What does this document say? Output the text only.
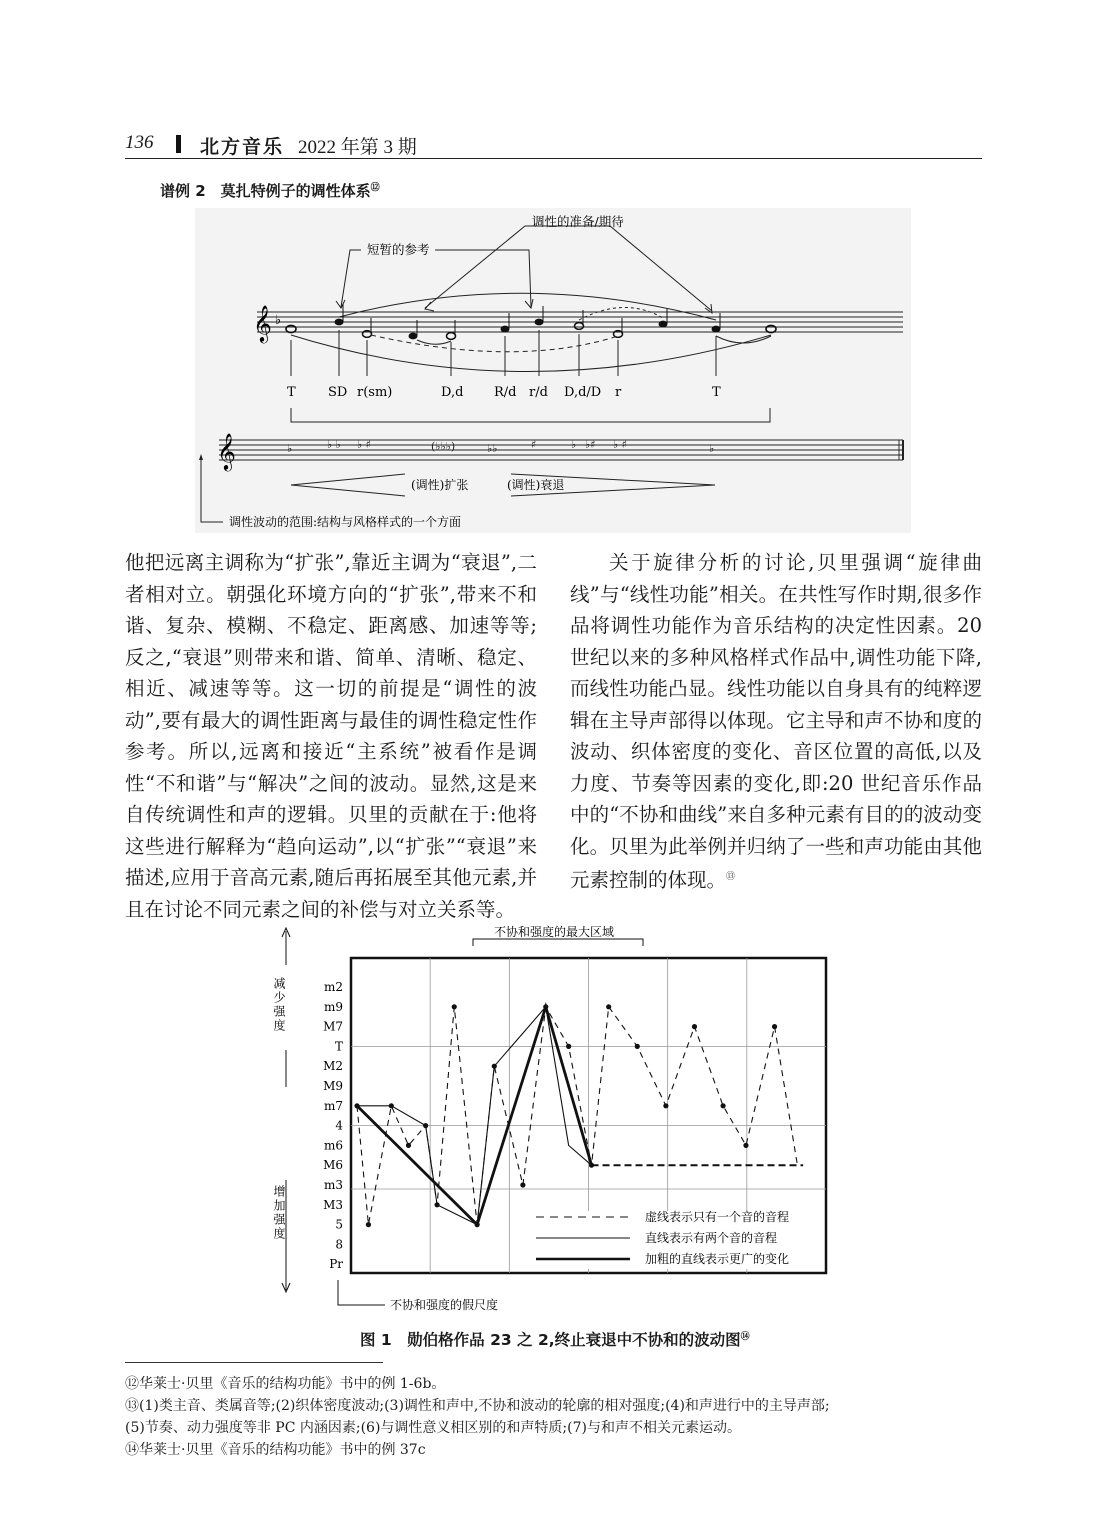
136 北方音乐 2022 年第 3 期
谱例 2　莫扎特例子的调性体系⑫
短暂的参考
调性的准备/期待
𝄞 ♭
T SD r(sm)	D,d R/d r/d D,d/D r	T
𝄞	♭	♭ ♭ ♭ ♯	(♭♭♭)	♭♭	♯	♭ ♭♯ ♭ ♯	♭
(调性)扩张	(调性)衰退
调性波动的范围:结构与风格样式的一个方面

他把远离主调称为“扩张”,靠近主调为“衰退”,二者相对立。朝强化环境方向的“扩张”,带来不和谐、复杂、模糊、不稳定、距离感、加速等等;反之,“衰退”则带来和谐、简单、清晰、稳定、相近、减速等等。这一切的前提是“调性的波动”,要有最大的调性距离与最佳的调性稳定性作参考。所以,远离和接近“主系统”被看作是调性“不和谐”与“解决”之间的波动。显然,这是来自传统调性和声的逻辑。贝里的贡献在于:他将这些进行解释为“趋向运动”,以“扩张”“衰退”来描述,应用于音高元素,随后再拓展至其他元素,并且在讨论不同元素之间的补偿与对立关系等。

关于旋律分析的讨论,贝里强调“旋律曲线”与“线性功能”相关。在共性写作时期,很多作品将调性功能作为音乐结构的决定性因素。20 世纪以来的多种风格样式作品中,调性功能下降,而线性功能凸显。线性功能以自身具有的纯粹逻辑在主导声部得以体现。它主导和声不协和度的波动、织体密度的变化、音区位置的高低,以及力度、节奏等因素的变化,即:20 世纪音乐作品中的“不协和曲线”来自多种元素有目的的波动变化。贝里为此举例并归纳了一些和声功能由其他元素控制的体现。⑬

不协和强度的最大区域
不协和强度的假尺度
减少强度
增加强度
m2
m9
M7
T
M2
M9
m7
4
m6
M6
m3
M3
5
8
Pr
虚线表示只有一个音的音程
直线表示有两个音的音程
加粗的直线表示更广的变化
图 1　勋伯格作品 23 之 2,终止衰退中不协和的波动图⑭
⑫华莱士·贝里《音乐的结构功能》书中的例 1-6b。
⑬(1)类主音、类属音等;(2)织体密度波动;(3)调性和声中,不协和波动的轮廓的相对强度;(4)和声进行中的主导声部;
(5)节奏、动力强度等非 PC 内涵因素;(6)与调性意义相区别的和声特质;(7)与和声不相关元素运动。
⑭华莱士·贝里《音乐的结构功能》书中的例 37c
